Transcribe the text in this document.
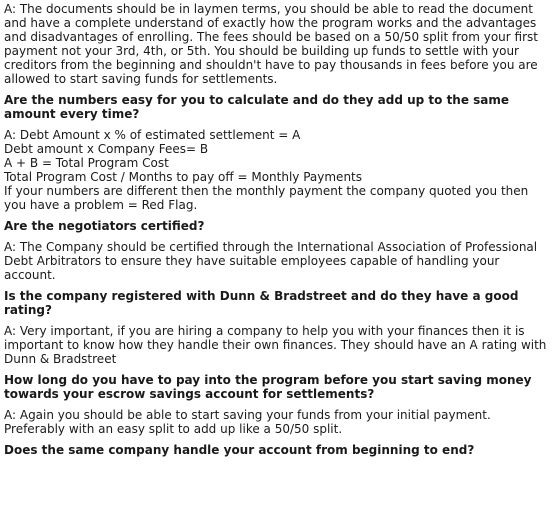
A: The documents should be in laymen terms, you should be able to read the document and have a complete understand of exactly how the program works and the advantages and disadvantages of enrolling. The fees should be based on a 50/50 split from your first payment not your 3rd, 4th, or 5th. You should be building up funds to settle with your creditors from the beginning and shouldn't have to pay thousands in fees before you are allowed to start saving funds for settlements.

Are the numbers easy for you to calculate and do they add up to the same amount every time?

A: Debt Amount x % of estimated settlement = A
Debt amount x Company Fees= B
A + B = Total Program Cost
Total Program Cost / Months to pay off = Monthly Payments
If your numbers are different then the monthly payment the company quoted you then you have a problem = Red Flag.

Are the negotiators certified?

A: The Company should be certified through the International Association of Professional Debt Arbitrators to ensure they have suitable employees capable of handling your account.

Is the company registered with Dunn & Bradstreet and do they have a good rating?

A: Very important, if you are hiring a company to help you with your finances then it is important to know how they handle their own finances. They should have an A rating with Dunn & Bradstreet

How long do you have to pay into the program before you start saving money towards your escrow savings account for settlements?

A: Again you should be able to start saving your funds from your initial payment. Preferably with an easy split to add up like a 50/50 split.

Does the same company handle your account from beginning to end?
